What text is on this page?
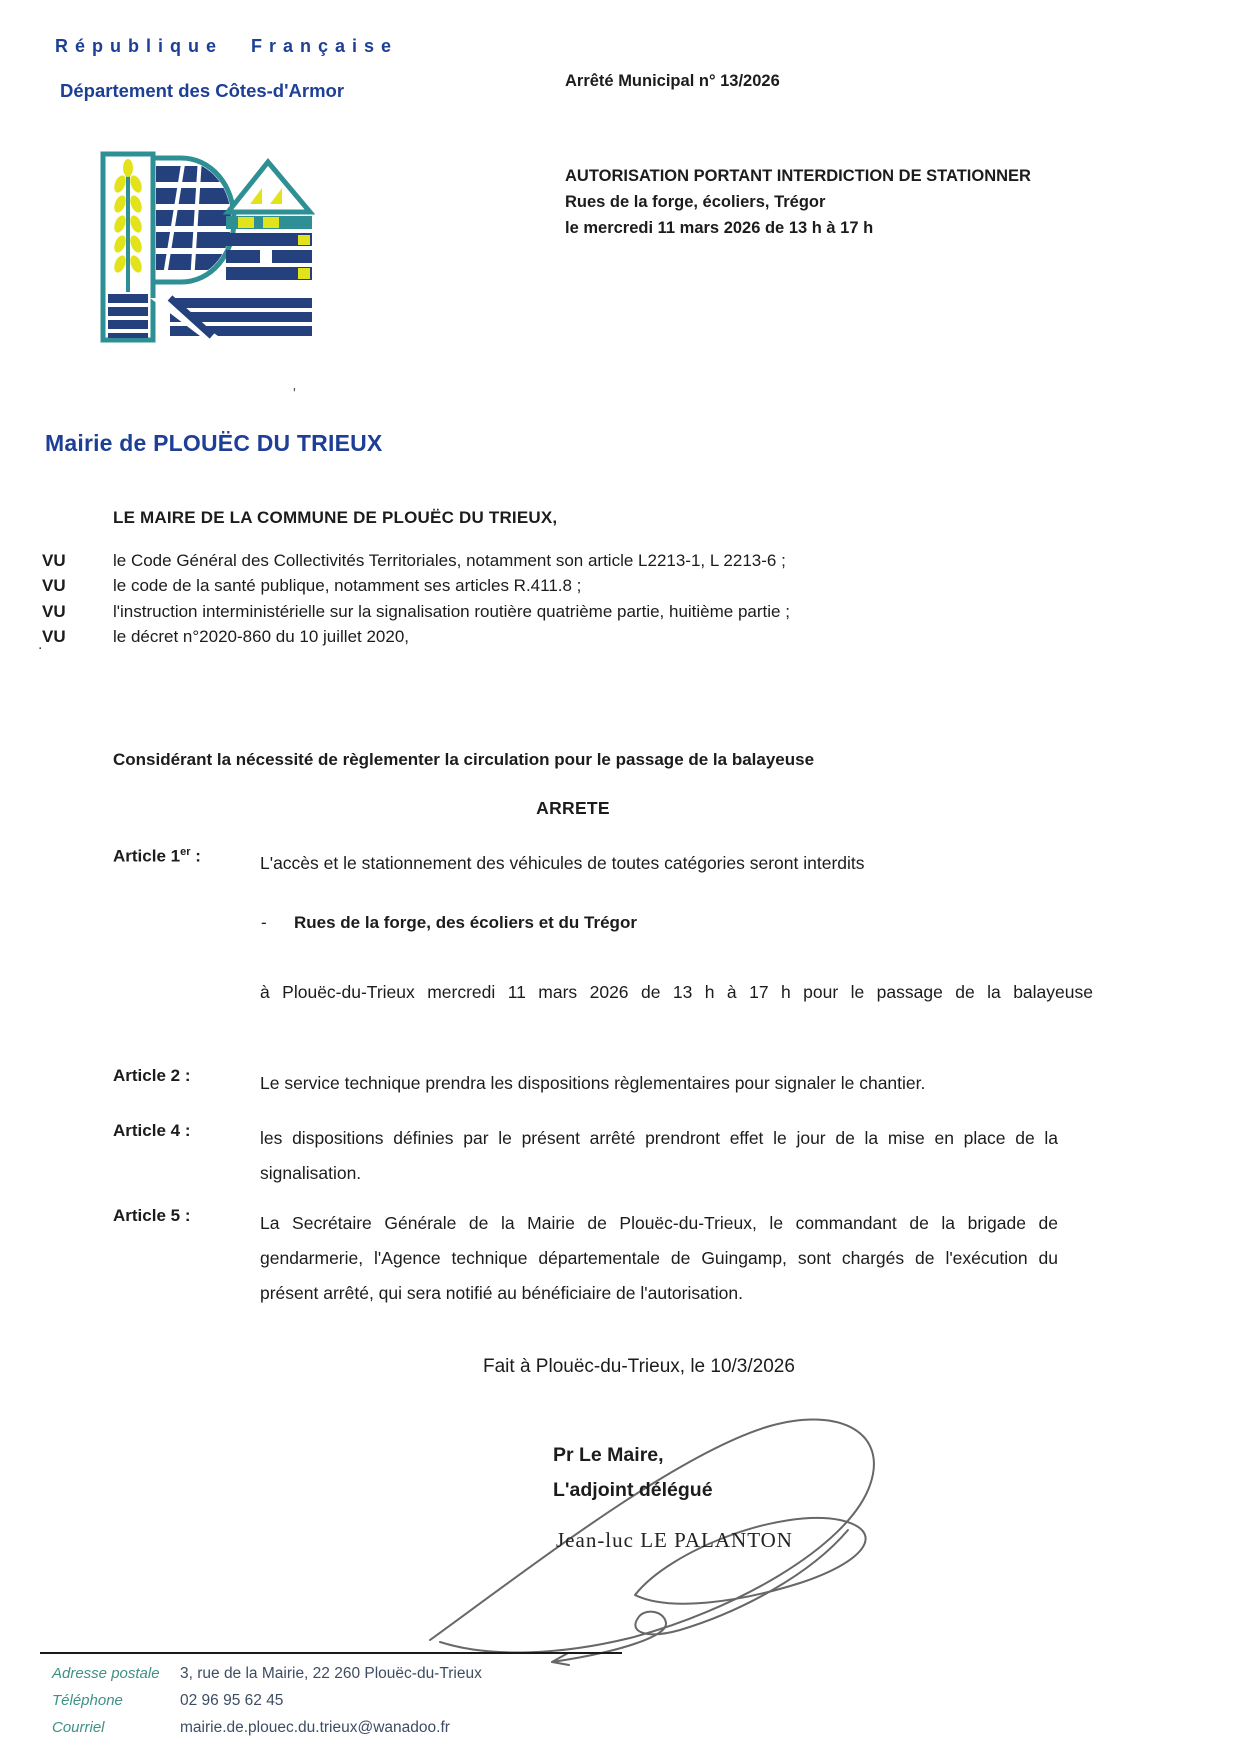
République Française
Département des Côtes-d'Armor	Arrêté Municipal n° 13/2026
AUTORISATION PORTANT INTERDICTION DE STATIONNER
Rues de la forge, écoliers, Trégor
le mercredi 11 mars 2026 de 13 h à 17 h
'
Mairie de PLOUËC DU TRIEUX
LE MAIRE DE LA COMMUNE DE PLOUËC DU TRIEUX,
VU	le Code Général des Collectivités Territoriales, notamment son article L2213-1, L 2213-6 ;
VU	le code de la santé publique, notamment ses articles R.411.8 ;
VU	l'instruction interministérielle sur la signalisation routière quatrième partie, huitième partie ;
VU	le décret n°2020-860 du 10 juillet 2020,
.
Considérant la nécessité de règlementer la circulation pour le passage de la balayeuse
ARRETE
Article 1er :	L'accès et le stationnement des véhicules de toutes catégories seront interdits
- Rues de la forge, des écoliers et du Trégor
à Plouëc-du-Trieux mercredi 11 mars 2026 de 13 h à 17 h pour le passage de la balayeuse
Article 2 :	Le service technique prendra les dispositions règlementaires pour signaler le chantier.
Article 4 :	les dispositions définies par le présent arrêté prendront effet le jour de la mise en place de la signalisation.
Article 5 :	La Secrétaire Générale de la Mairie de Plouëc-du-Trieux, le commandant de la brigade de gendarmerie, l'Agence technique départementale de Guingamp, sont chargés de l'exécution du présent arrêté, qui sera notifié au bénéficiaire de l'autorisation.
Fait à Plouëc-du-Trieux, le 10/3/2026
Pr Le Maire,
L'adjoint délégué
Jean-luc LE PALANTON
Adresse postale 3, rue de la Mairie, 22 260 Plouëc-du-Trieux
Téléphone	02 96 95 62 45
Courriel	mairie.de.plouec.du.trieux@wanadoo.fr
